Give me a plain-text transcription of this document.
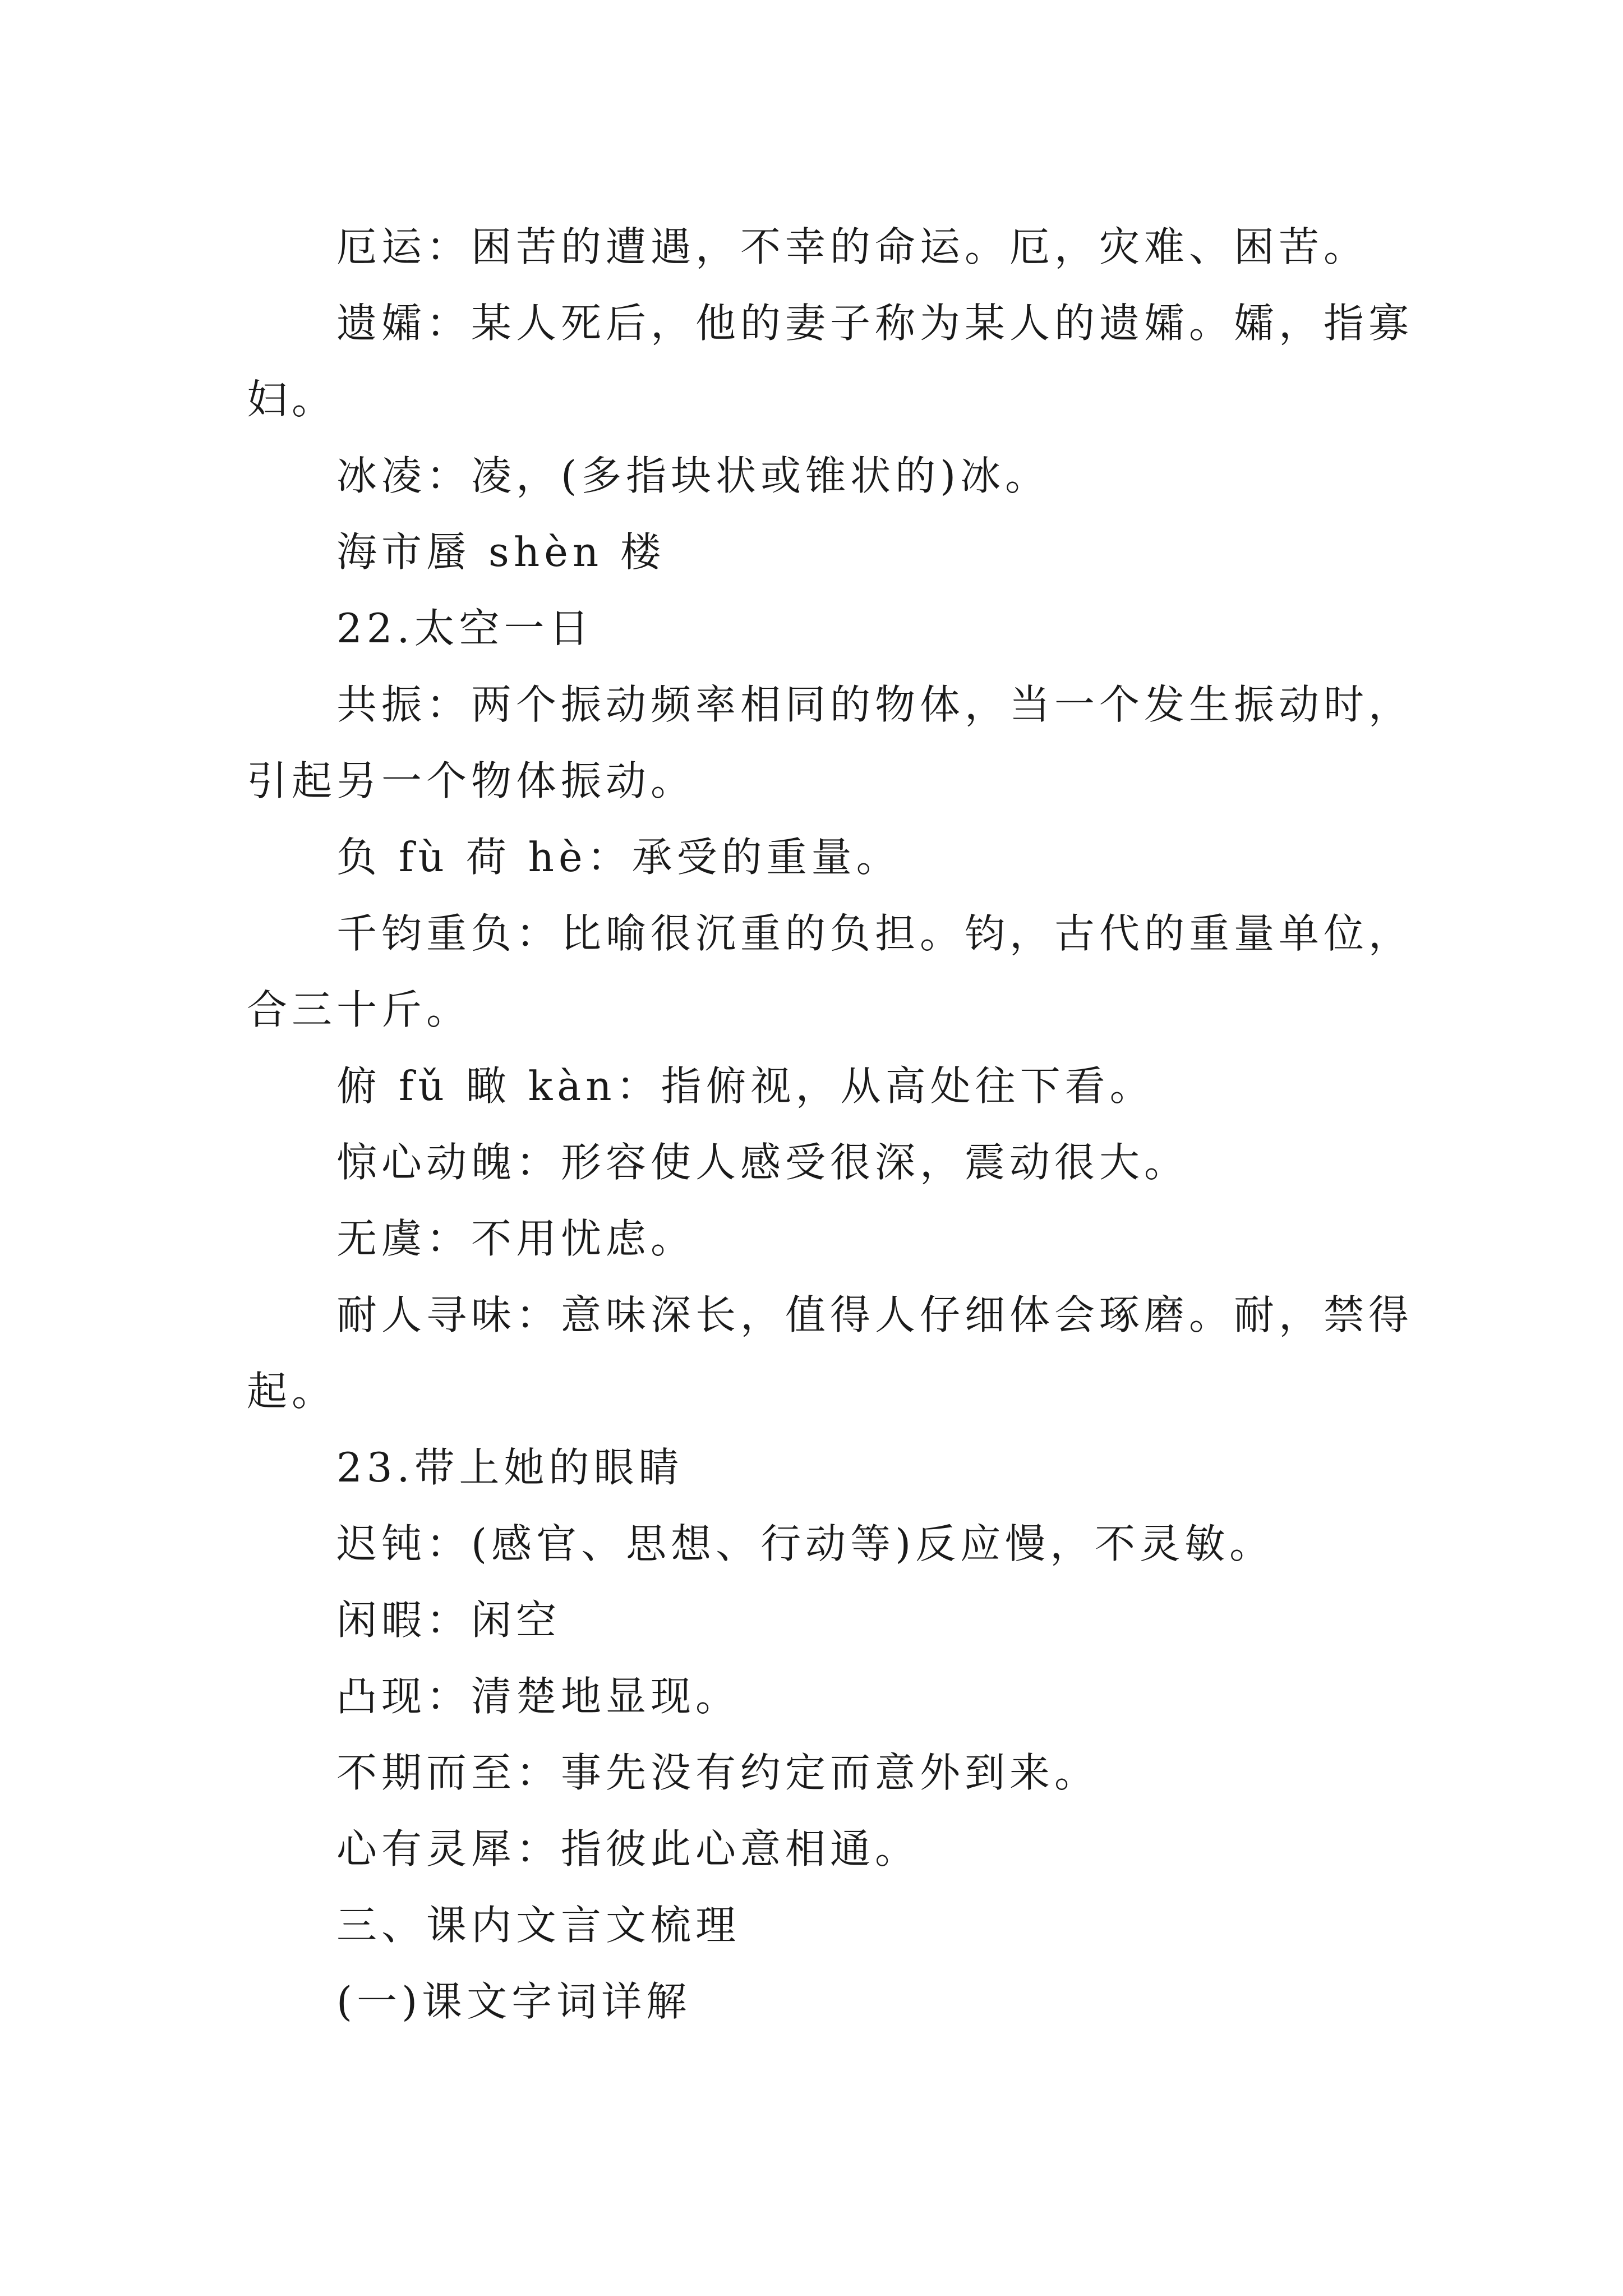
厄运：困苦的遭遇，不幸的命运。厄，灾难、困苦。
遗孀：某人死后，他的妻子称为某人的遗孀。孀，指寡
妇。
冰凌：凌，(多指块状或锥状的)冰。
海市蜃 shèn 楼
22.太空一日
共振：两个振动频率相同的物体，当一个发生振动时，
引起另一个物体振动。
负 fù 荷 hè：承受的重量。
千钧重负：比喻很沉重的负担。钧，古代的重量单位，
合三十斤。
俯 fǔ 瞰 kàn：指俯视，从高处往下看。
惊心动魄：形容使人感受很深，震动很大。
无虞：不用忧虑。
耐人寻味：意味深长，值得人仔细体会琢磨。耐，禁得
起。
23.带上她的眼睛
迟钝：(感官、思想、行动等)反应慢，不灵敏。
闲暇：闲空
凸现：清楚地显现。
不期而至：事先没有约定而意外到来。
心有灵犀：指彼此心意相通。
三、课内文言文梳理
(一)课文字词详解
